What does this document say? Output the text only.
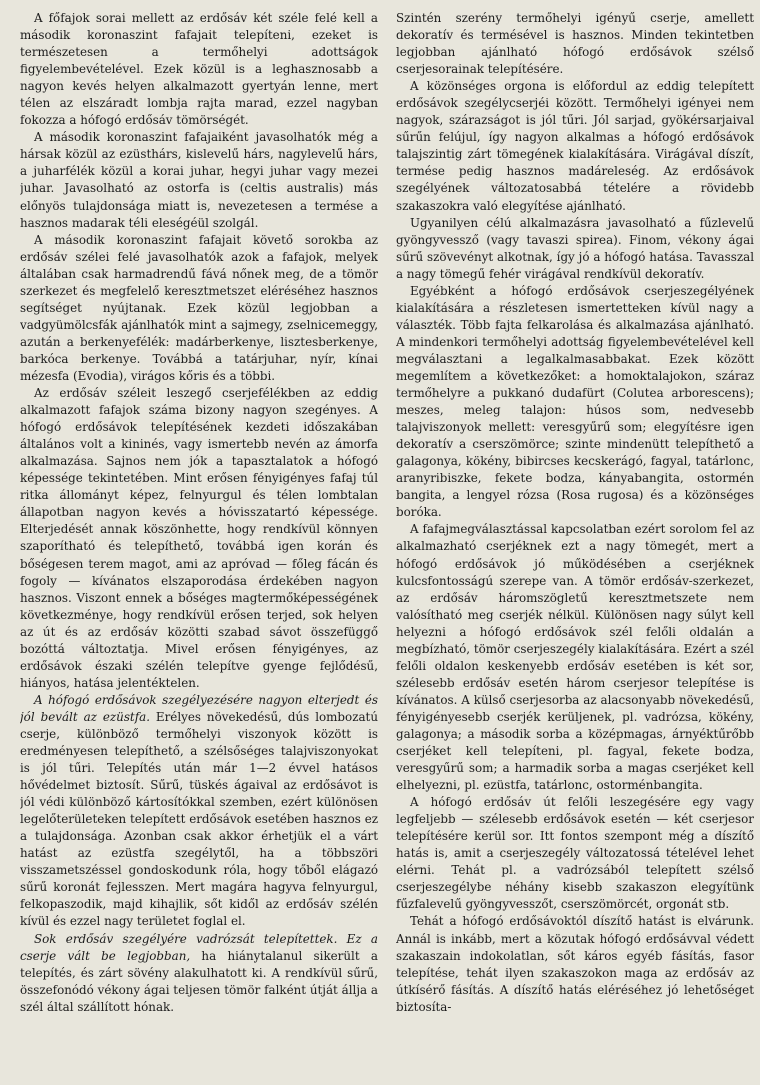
A főfajok sorai mellett az erdősáv két széle felé kell a második koronaszint fafajait telepíteni, ezeket is természetesen a termőhelyi adottságok figyelembevételével. Ezek közül is a leghasznosabb a nagyon kevés helyen alkalmazott gyertyán lenne, mert télen az elszáradt lombja rajta marad, ezzel nagyban fokozza a hófogó erdősáv tömörségét.

A második koronaszint fafajaiként javasolhatók még a hársak közül az ezüsthárs, kislevelű hárs, nagylevelű hárs, a juharfélék közül a korai juhar, hegyi juhar vagy mezei juhar. Javasolható az ostorfa is (celtis australis) más előnyös tulajdonsága miatt is, nevezetesen a termése a hasznos madarak téli eleségéül szolgál.

A második koronaszint fafajait követő sorokba az erdősáv szélei felé javasolhatók azok a fafajok, melyek általában csak harmadrendű fává nőnek meg, de a tömör szerkezet és megfelelő keresztmetszet eléréséhez hasznos segítséget nyújtanak. Ezek közül legjobban a vadgyümölcsfák ajánlhatók mint a sajmegy, zselnicemeggy, azután a berkenyefélék: madárberkenye, lisztesberkenye, barkóca berkenye. Továbbá a tatárjuhar, nyír, kínai mézesfa (Evodia), virágos kőris és a többi.

Az erdősáv széleit leszegő cserjefélékben az eddig alkalmazott fafajok száma bizony nagyon szegényes. A hófogó erdősávok telepítésének kezdeti időszakában általános volt a kininés, vagy ismertebb nevén az ámorfa alkalmazása. Sajnos nem jók a tapasztalatok a hófogó képessége tekintetében. Mint erősen fényigényes fafaj túl ritka állományt képez, felnyurgul és télen lombtalan állapotban nagyon kevés a hóvisszatartó képessége. Elterjedését annak köszönhette, hogy rendkívül könnyen szaporítható és telepíthető, továbbá igen korán és bőségesen terem magot, ami az apróvad — főleg fácán és fogoly — kívánatos elszaporodása érdekében nagyon hasznos. Viszont ennek a bőséges magtermőképességének következménye, hogy rendkívül erősen terjed, sok helyen az út és az erdősáv közötti szabad sávot összefüggő bozóttá változtatja. Mivel erősen fényigényes, az erdősávok északi szélén telepítve gyenge fejlődésű, hiányos, hatása jelentéktelen.

A hófogó erdősávok szegélyezésére nagyon elterjedt és jól bevált az ezüstfa. Erélyes növekedésű, dús lombozatú cserje, különböző termőhelyi viszonyok között is eredményesen telepíthető, a szélsőséges talajviszonyokat is jól tűri. Telepítés után már 1—2 évvel hatásos hővédelmet biztosít. Sűrű, tüskés ágaival az erdősávot is jól védi különböző kártosítókkal szemben, ezért különösen legelőterületeken telepített erdősávok esetében hasznos ez a tulajdonsága. Azonban csak akkor érhetjük el a várt hatást az ezüstfa szegélytől, ha a többszöri visszametszéssel gondoskodunk róla, hogy tőből elágazó sűrű koronát fejlesszen. Mert magára hagyva felnyurgul, felkopaszodik, majd kihajlik, sőt kidől az erdősáv szélén kívül és ezzel nagy területet foglal el.

Sok erdősáv szegélyére vadrózsát telepítettek. Ez a cserje vált be legjobban, ha hiánytalanul sikerült a telepítés, és zárt sövény alakulhatott ki. A rendkívül sűrű, összefonódó vékony ágai teljesen tömör falként útját állja a szél által szállított hónak.

Szintén szerény termőhelyi igényű cserje, amellett dekoratív és termésével is hasznos. Minden tekintetben legjobban ajánlható hófogó erdősávok szélső cserjesorainak telepítésére.

A közönséges orgona is előfordul az eddig telepített erdősávok szegélycserjéi között. Termőhelyi igényei nem nagyok, szárazságot is jól tűri. Jól sarjad, gyökérsarjaival sűrűn felújul, így nagyon alkalmas a hófogó erdősávok talajszintig zárt tömegének kialakítására. Virágával díszít, termése pedig hasznos madáreleség. Az erdősávok szegélyének változatosabbá tételére a rövidebb szakaszokra való elegyítése ajánlható.

Ugyanilyen célú alkalmazásra javasolható a fűzlevelű gyöngyvessző (vagy tavaszi spirea). Finom, vékony ágai sűrű szövevényt alkotnak, így jó a hófogó hatása. Tavasszal a nagy tömegű fehér virágával rendkívül dekoratív.

Egyébként a hófogó erdősávok cserjeszegélyének kialakítására a részletesen ismertetteken kívül nagy a választék. Több fajta felkarolása és alkalmazása ajánlható. A mindenkori termőhelyi adottság figyelembevételével kell megválasztani a legalkalmasabbakat. Ezek között megemlítem a következőket: a homoktalajokon, száraz termőhelyre a pukkanó dudafürt (Colutea arborescens); meszes, meleg talajon: húsos som, nedvesebb talajviszonyok mellett: veresgyűrű som; elegyítésre igen dekoratív a cserszömörce; szinte mindenütt telepíthető a galagonya, kökény, bibircses kecskerágó, fagyal, tatárlonc, aranyribiszke, fekete bodza, kányabangita, ostormén bangita, a lengyel rózsa (Rosa rugosa) és a közönséges boróka.

A fafajmegválasztással kapcsolatban ezért sorolom fel az alkalmazható cserjéknek ezt a nagy tömegét, mert a hófogó erdősávok jó működésében a cserjéknek kulcsfontosságú szerepe van. A tömör erdősáv-szerkezet, az erdősáv háromszögletű keresztmetszete nem valósítható meg cserjék nélkül. Különösen nagy súlyt kell helyezni a hófogó erdősávok szél felőli oldalán a megbízható, tömör cserjeszegély kialakítására. Ezért a szél felőli oldalon keskenyebb erdősáv esetében is két sor, szélesebb erdősáv esetén három cserjesor telepítése is kívánatos. A külső cserjesorba az alacsonyabb növekedésű, fényigényesebb cserjék kerüljenek, pl. vadrózsa, kökény, galagonya; a második sorba a középmagas, árnyéktűrőbb cserjéket kell telepíteni, pl. fagyal, fekete bodza, veresgyűrű som; a harmadik sorba a magas cserjéket kell elhelyezni, pl. ezüstfa, tatárlonc, ostorménbangita.

A hófogó erdősáv út felőli leszegésére egy vagy legfeljebb — szélesebb erdősávok esetén — két cserjesor telepítésére kerül sor. Itt fontos szempont még a díszítő hatás is, amit a cserjeszegély változatossá tételével lehet elérni. Tehát pl. a vadrózsából telepített szélső cserjeszegélybe néhány kisebb szakaszon elegyítünk fűzfalevelű gyöngyvesszőt, cserszömörcét, orgonát stb.

Tehát a hófogó erdősávoktól díszítő hatást is elvárunk. Annál is inkább, mert a közutak hófogó erdősávval védett szakaszain indokolatlan, sőt káros egyéb fásítás, fasor telepítése, tehát ilyen szakaszokon maga az erdősáv az útkísérő fásítás. A díszítő hatás eléréséhez jó lehetőséget biztosíta-
